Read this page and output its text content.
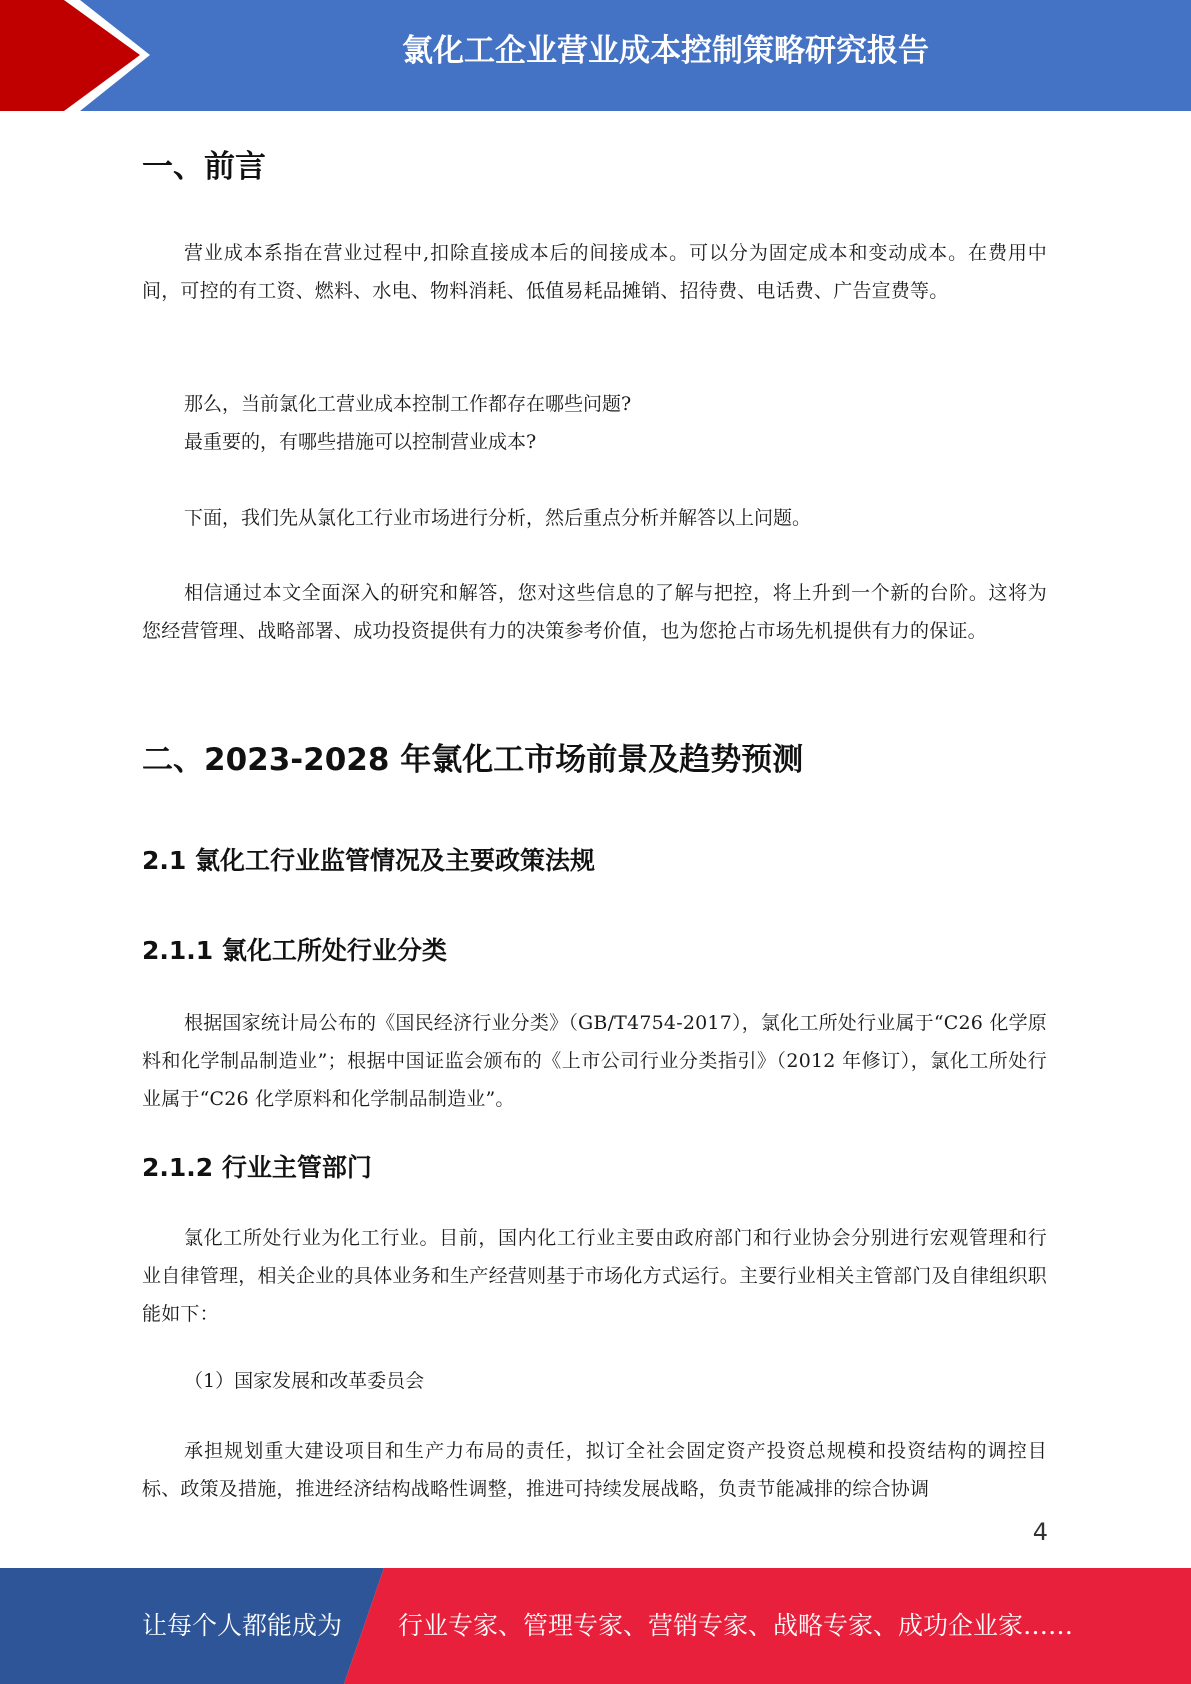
氯化工企业营业成本控制策略研究报告
一、前言

营业成本系指在营业过程中,扣除直接成本后的间接成本。可以分为固定成本和变动成本。在费用中间，可控的有工资、燃料、水电、物料消耗、低值易耗品摊销、招待费、电话费、广告宣费等。

那么，当前氯化工营业成本控制工作都存在哪些问题?

最重要的，有哪些措施可以控制营业成本?

下面，我们先从氯化工行业市场进行分析，然后重点分析并解答以上问题。

相信通过本文全面深入的研究和解答，您对这些信息的了解与把控，将上升到一个新的台阶。这将为您经营管理、战略部署、成功投资提供有力的决策参考价值，也为您抢占市场先机提供有力的保证。

二、2023-2028 年氯化工市场前景及趋势预测
2.1 氯化工行业监管情况及主要政策法规
2.1.1 氯化工所处行业分类

根据国家统计局公布的《国民经济行业分类》（GB/T4754-2017），氯化工所处行业属于“C26 化学原料和化学制品制造业”；根据中国证监会颁布的《上市公司行业分类指引》（2012 年修订），氯化工所处行业属于“C26 化学原料和化学制品制造业”。

2.1.2 行业主管部门

氯化工所处行业为化工行业。目前，国内化工行业主要由政府部门和行业协会分别进行宏观管理和行业自律管理，相关企业的具体业务和生产经营则基于市场化方式运行。主要行业相关主管部门及自律组织职能如下：

（1）国家发展和改革委员会

承担规划重大建设项目和生产力布局的责任，拟订全社会固定资产投资总规模和投资结构的调控目标、政策及措施，推进经济结构战略性调整，推进可持续发展战略，负责节能减排的综合协调

4
让每个人都能成为 行业专家、管理专家、营销专家、战略专家、成功企业家……
